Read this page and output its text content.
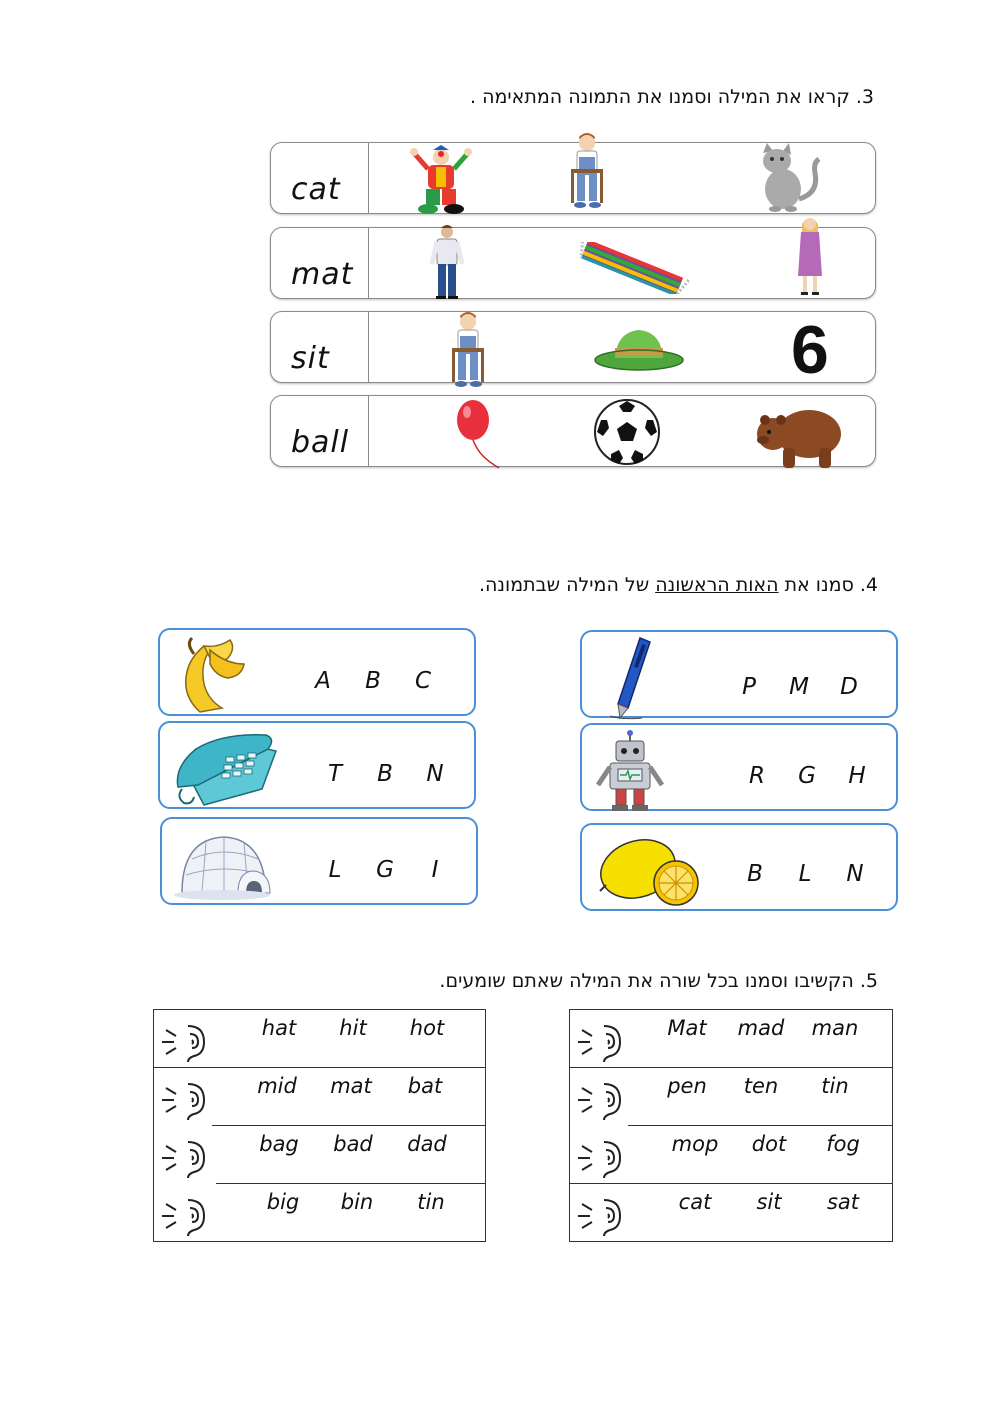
3. קראו את המילה וסמנו את התמונה המתאימה .
cat
mat
sit	6
ball
4. סמנו את האות הראשונה של המילה שבתמונה.
A	B	C
T	B	N
L	G	I
P	M	D
R	G	H
B	L	N
5. הקשיבו וסמנו בכל שורה את המילה שאתם שומעים.
hat	hit	hot
mid	mat	bat
bag	bad	dad
big	bin	tin
Mat	mad	man
pen	ten	tin
mop	dot	fog
cat	sit	sat
